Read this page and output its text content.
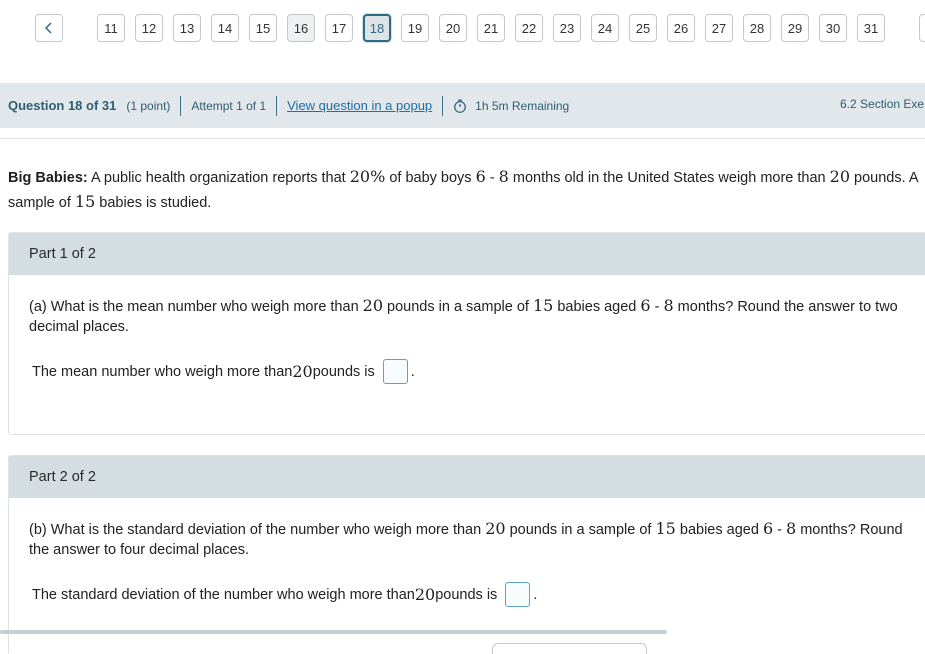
11	12	13	14	15	16	17	18	19	20	21	22	23	24	25	26	27	28	29	30	31
Question 18 of 31 (1 point) Attempt 1 of 1 View question in a popup	1h 5m Remaining	6.2 Section Exe
Big Babies: A public health organization reports that 20% of baby boys 6 - 8 months old in the United States weigh more than 20 pounds. A sample of 15 babies is studied.
Part 1 of 2
(a) What is the mean number who weigh more than 20 pounds in a sample of 15 babies aged 6 - 8 months? Round the answer to two decimal places.
The mean number who weigh more than 20 pounds is .
Part 2 of 2
(b) What is the standard deviation of the number who weigh more than 20 pounds in a sample of 15 babies aged 6 - 8 months? Round the answer to four decimal places.
The standard deviation of the number who weigh more than 20 pounds is .
